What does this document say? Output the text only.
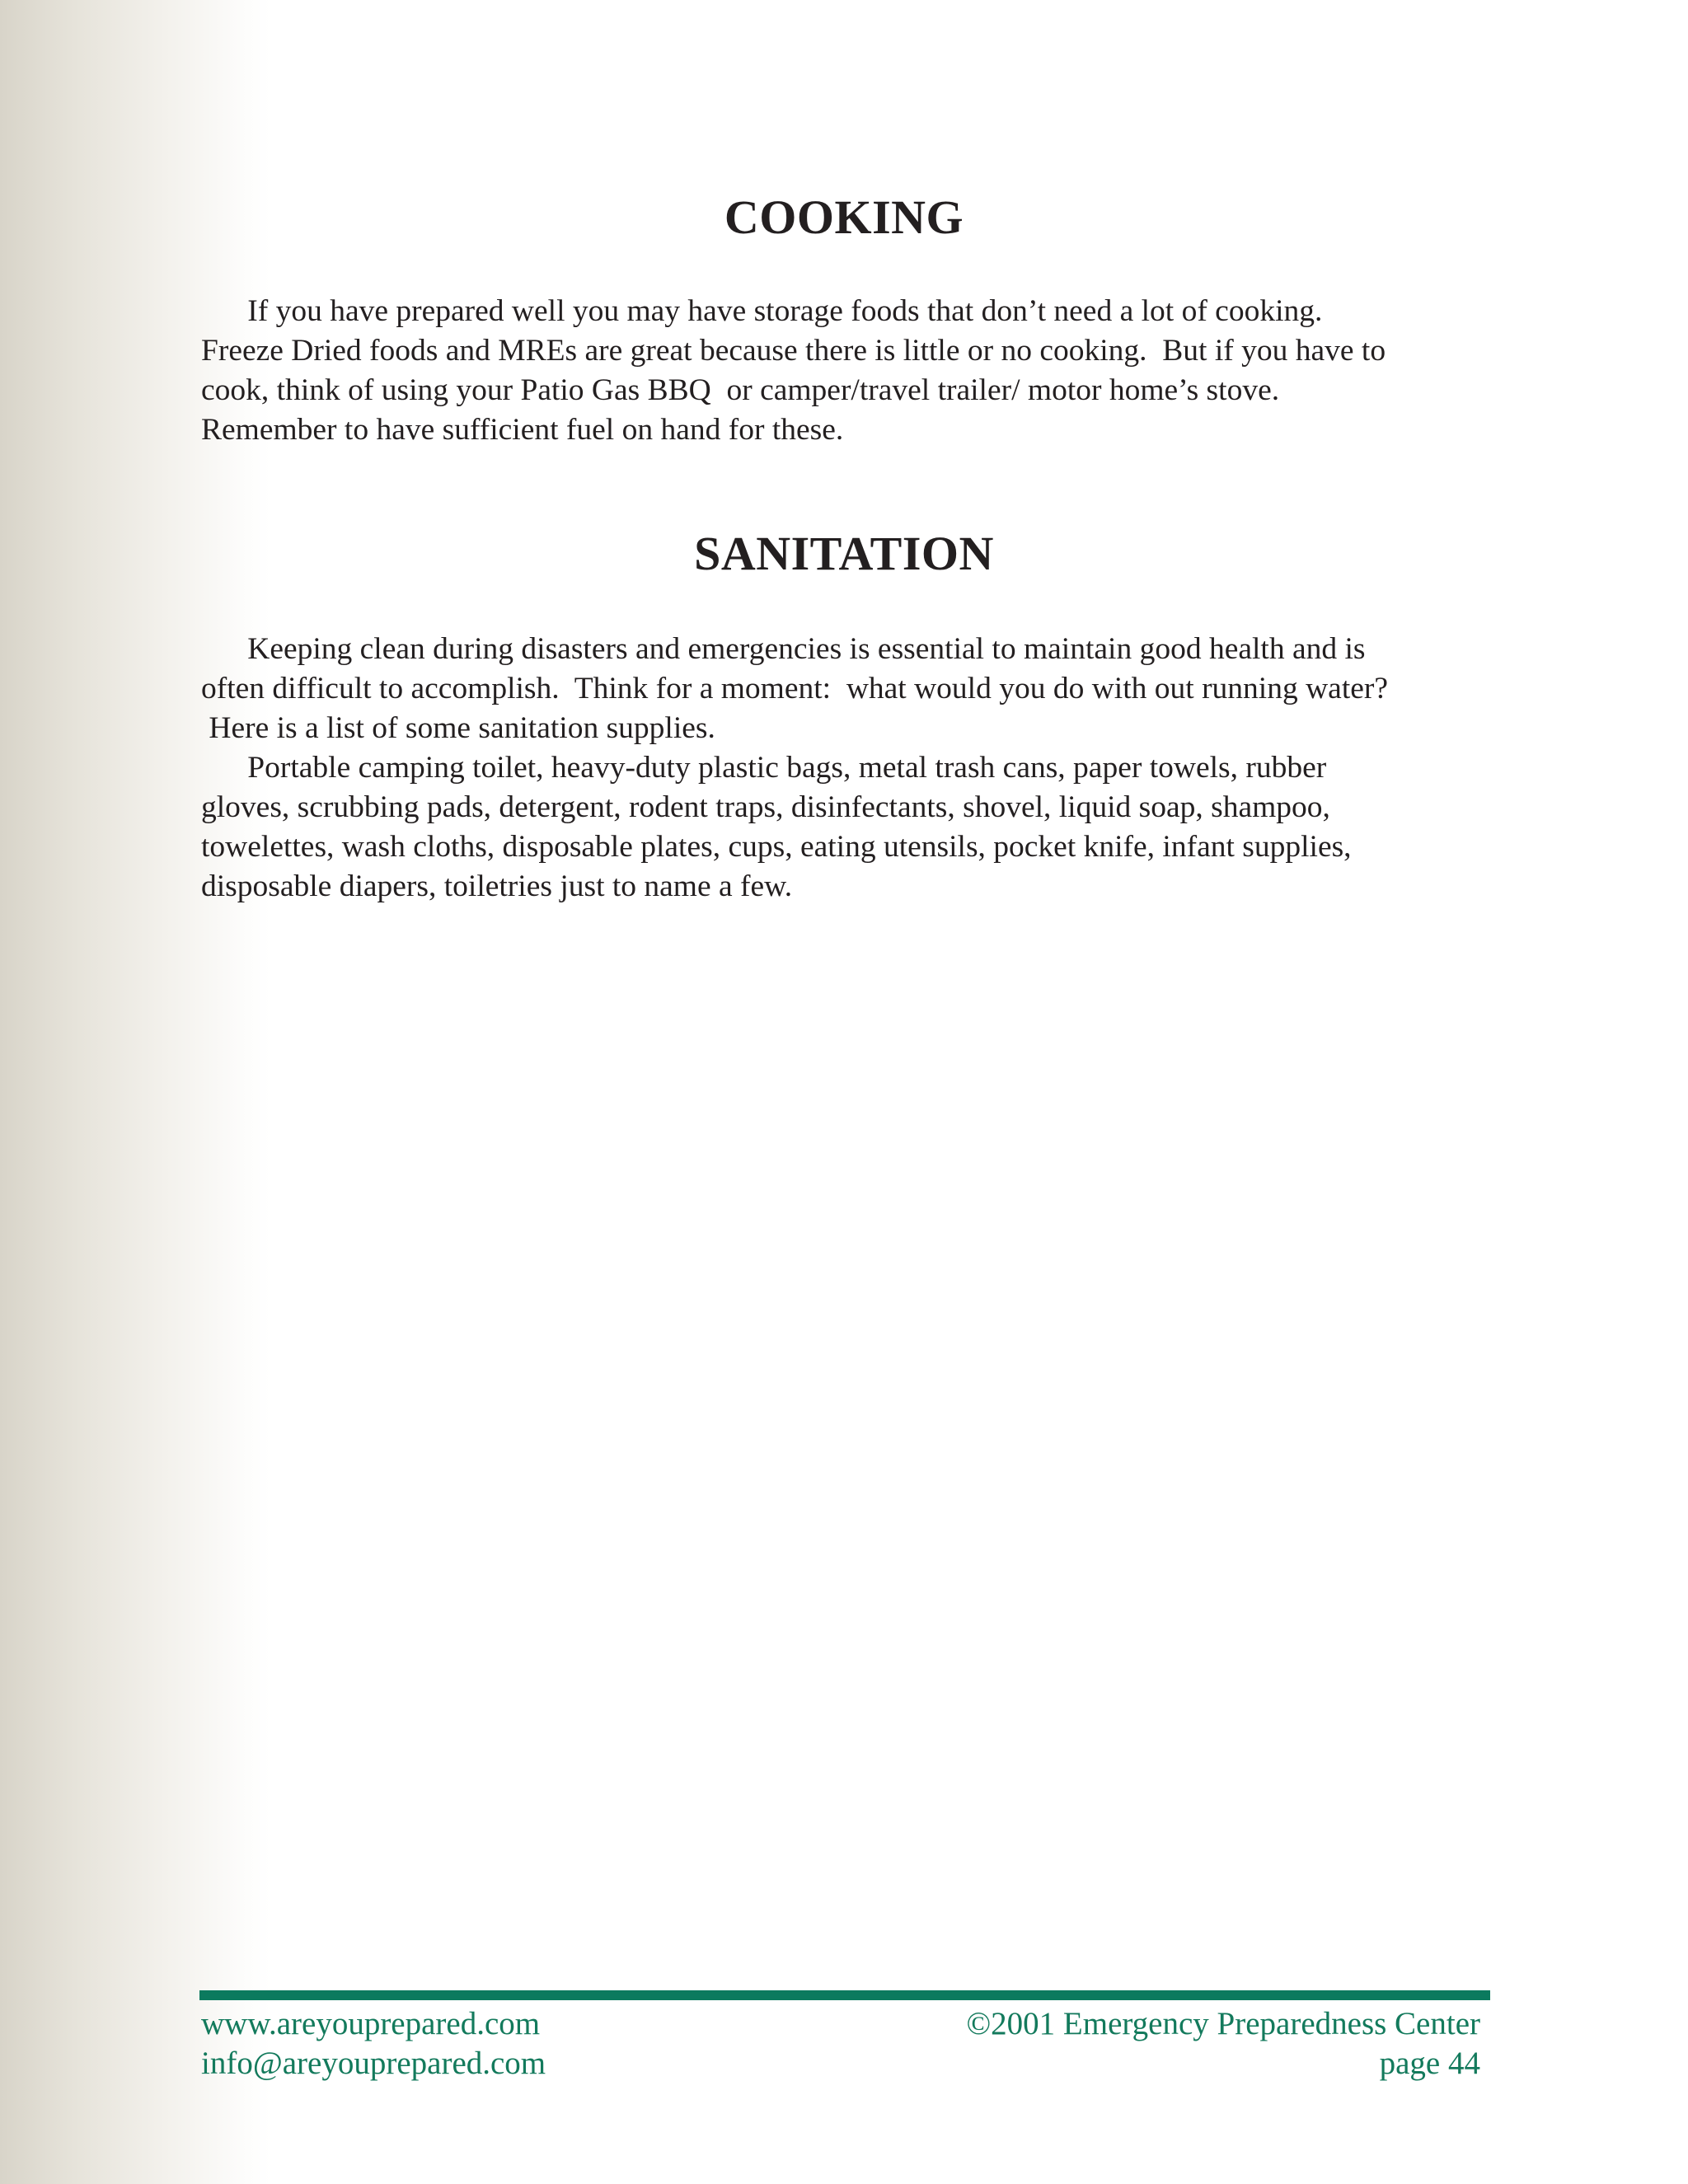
COOKING

If you have prepared well you may have storage foods that don’t need a lot of cooking.
Freeze Dried foods and MREs are great because there is little or no cooking.  But if you have to
cook, think of using your Patio Gas BBQ  or camper/travel trailer/ motor home’s stove.
Remember to have sufficient fuel on hand for these.

SANITATION

Keeping clean during disasters and emergencies is essential to maintain good health and is
often difficult to accomplish.  Think for a moment:  what would you do with out running water?
Here is a list of some sanitation supplies.
Portable camping toilet, heavy-duty plastic bags, metal trash cans, paper towels, rubber
gloves, scrubbing pads, detergent, rodent traps, disinfectants, shovel, liquid soap, shampoo,
towelettes, wash cloths, disposable plates, cups, eating utensils, pocket knife, infant supplies,
disposable diapers, toiletries just to name a few.

www.areyouprepared.com
info@areyouprepared.com
©2001 Emergency Preparedness Center
page 44
